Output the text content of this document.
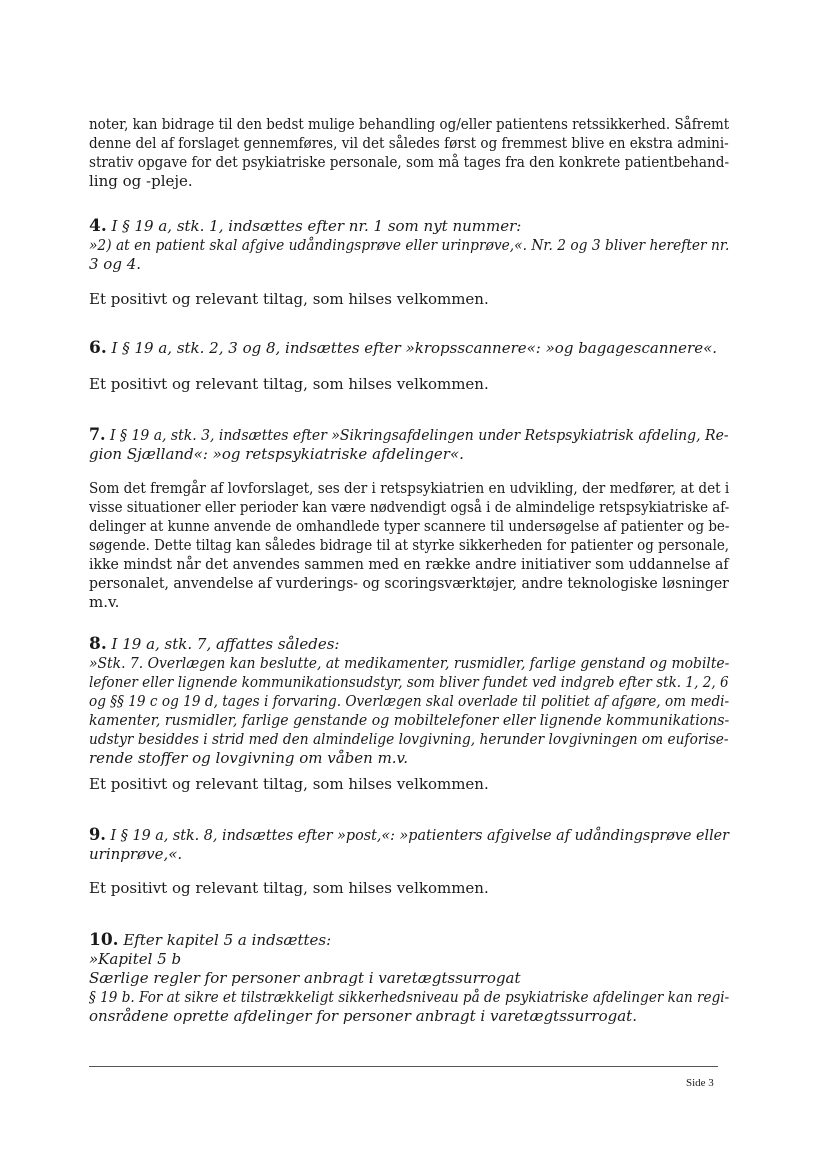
noter, kan bidrage til den bedst mulige behandling og/eller patientens retssikkerhed. Såfremt
denne del af forslaget gennemføres, vil det således først og fremmest blive en ekstra admini-
strativ opgave for det psykiatriske personale, som må tages fra den konkrete patientbehand-
ling og -pleje.
4. I § 19 a, stk. 1, indsættes efter nr. 1 som nyt nummer:
»2) at en patient skal afgive udåndingsprøve eller urinprøve,«. Nr. 2 og 3 bliver herefter nr.
3 og 4.
Et positivt og relevant tiltag, som hilses velkommen.
6. I § 19 a, stk. 2, 3 og 8, indsættes efter »kropsscannere«: »og bagagescannere«.
Et positivt og relevant tiltag, som hilses velkommen.
7. I § 19 a, stk. 3, indsættes efter »Sikringsafdelingen under Retspsykiatrisk afdeling, Re-
gion Sjælland«: »og retspsykiatriske afdelinger«.
Som det fremgår af lovforslaget, ses der i retspsykiatrien en udvikling, der medfører, at det i
visse situationer eller perioder kan være nødvendigt også i de almindelige retspsykiatriske af-
delinger at kunne anvende de omhandlede typer scannere til undersøgelse af patienter og be-
søgende. Dette tiltag kan således bidrage til at styrke sikkerheden for patienter og personale,
ikke mindst når det anvendes sammen med en række andre initiativer som uddannelse af
personalet, anvendelse af vurderings- og scoringsværktøjer, andre teknologiske løsninger
m.v.
8. I 19 a, stk. 7, affattes således:
»Stk. 7. Overlægen kan beslutte, at medikamenter, rusmidler, farlige genstand og mobilte-
lefoner eller lignende kommunikationsudstyr, som bliver fundet ved indgreb efter stk. 1, 2, 6
og §§ 19 c og 19 d, tages i forvaring. Overlægen skal overlade til politiet af afgøre, om medi-
kamenter, rusmidler, farlige genstande og mobiltelefoner eller lignende kommunikations-
udstyr besiddes i strid med den almindelige lovgivning, herunder lovgivningen om euforise-
rende stoffer og lovgivning om våben m.v.
Et positivt og relevant tiltag, som hilses velkommen.
9. I § 19 a, stk. 8, indsættes efter »post,«: »patienters afgivelse af udåndingsprøve eller
urinprøve,«.
Et positivt og relevant tiltag, som hilses velkommen.
10. Efter kapitel 5 a indsættes:
»Kapitel 5 b
Særlige regler for personer anbragt i varetægtssurrogat
§ 19 b. For at sikre et tilstrækkeligt sikkerhedsniveau på de psykiatriske afdelinger kan regi-
onsrådene oprette afdelinger for personer anbragt i varetægtssurrogat.
Side 3
